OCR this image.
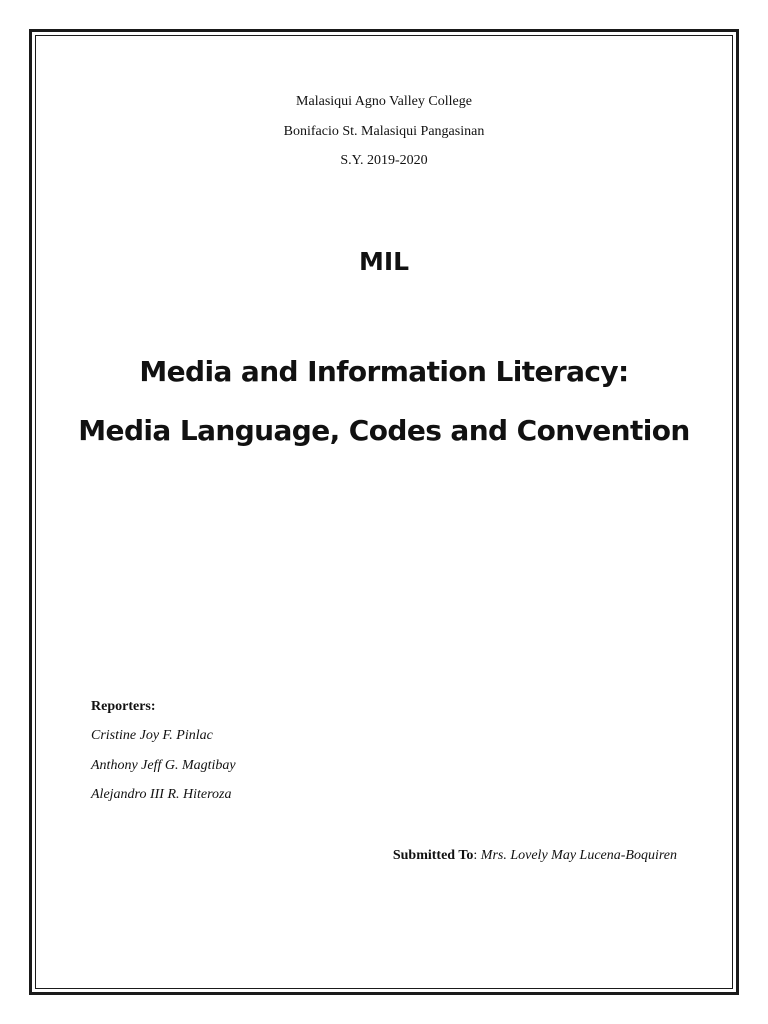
Malasiqui Agno Valley College
Bonifacio St. Malasiqui Pangasinan
S.Y. 2019-2020
MIL
Media and Information Literacy:
Media Language, Codes and Convention
Reporters:
Cristine Joy F. Pinlac
Anthony Jeff G. Magtibay
Alejandro III R. Hiteroza
Submitted To: Mrs. Lovely May Lucena-Boquiren
